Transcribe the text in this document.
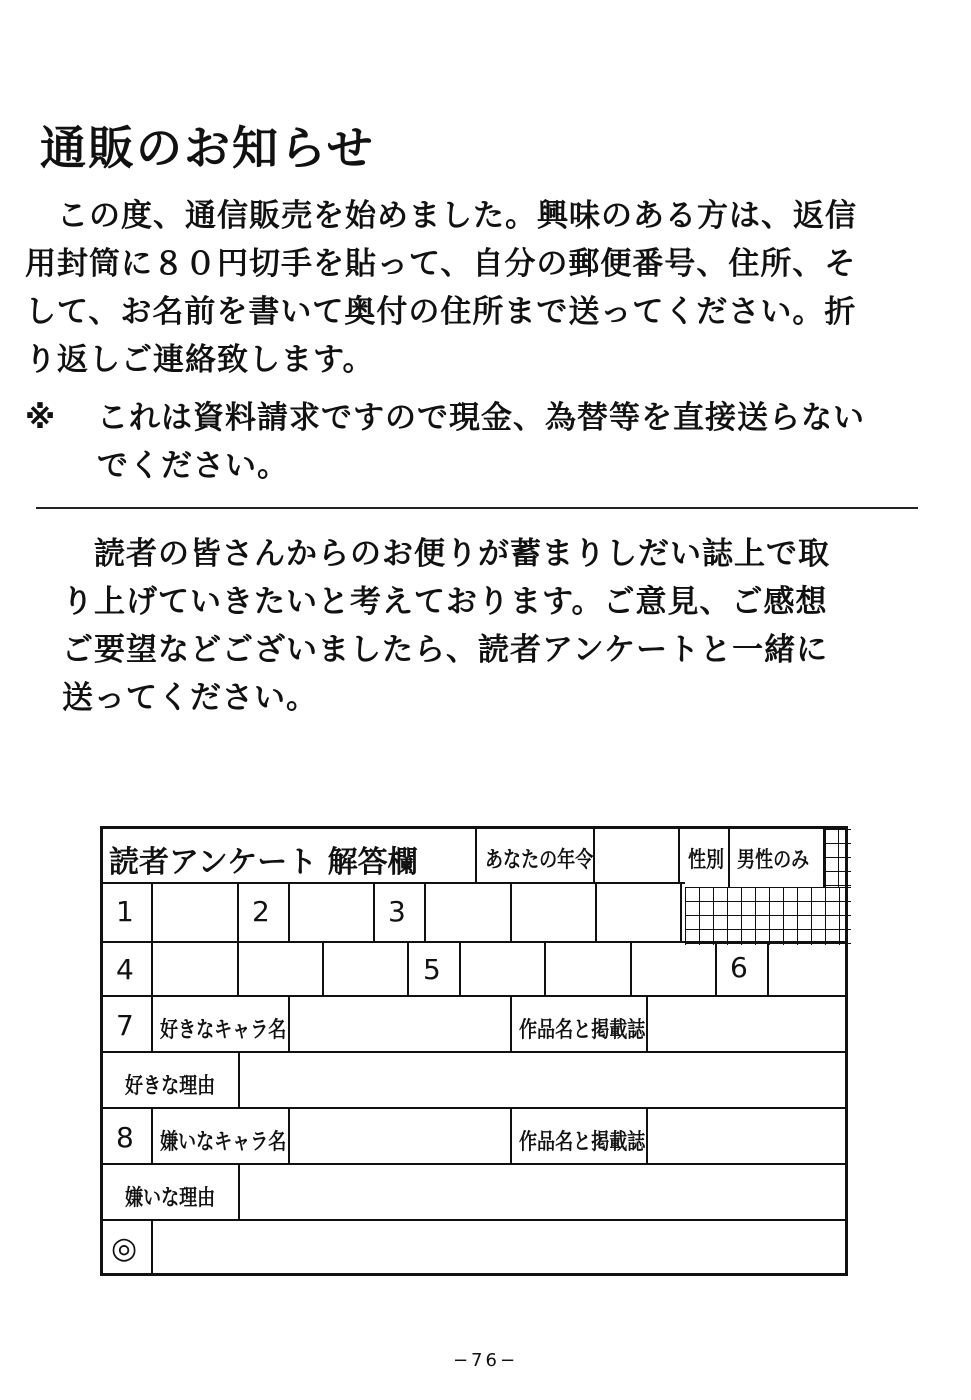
通販のお知らせ
　この度、通信販売を始めました。興味のある方は、返信
用封筒に８０円切手を貼って、自分の郵便番号、住所、そ
して、お名前を書いて奥付の住所まで送ってください。折
り返しご連絡致します。
※ これは資料請求ですので現金、為替等を直接送らない
でください。
　読者の皆さんからのお便りが蓄まりしだい誌上で取
り上げていきたいと考えております。ご意見、ご感想
ご要望などございましたら、読者アンケートと一緒に
送ってください。
読者アンケート 解答欄	あなたの年令	性別 男性のみ
1	2	3
4	5	6
7 好きなキャラ名	作品名と掲載誌
好きな理由
8 嫌いなキャラ名	作品名と掲載誌
嫌いな理由
◎
−76−
